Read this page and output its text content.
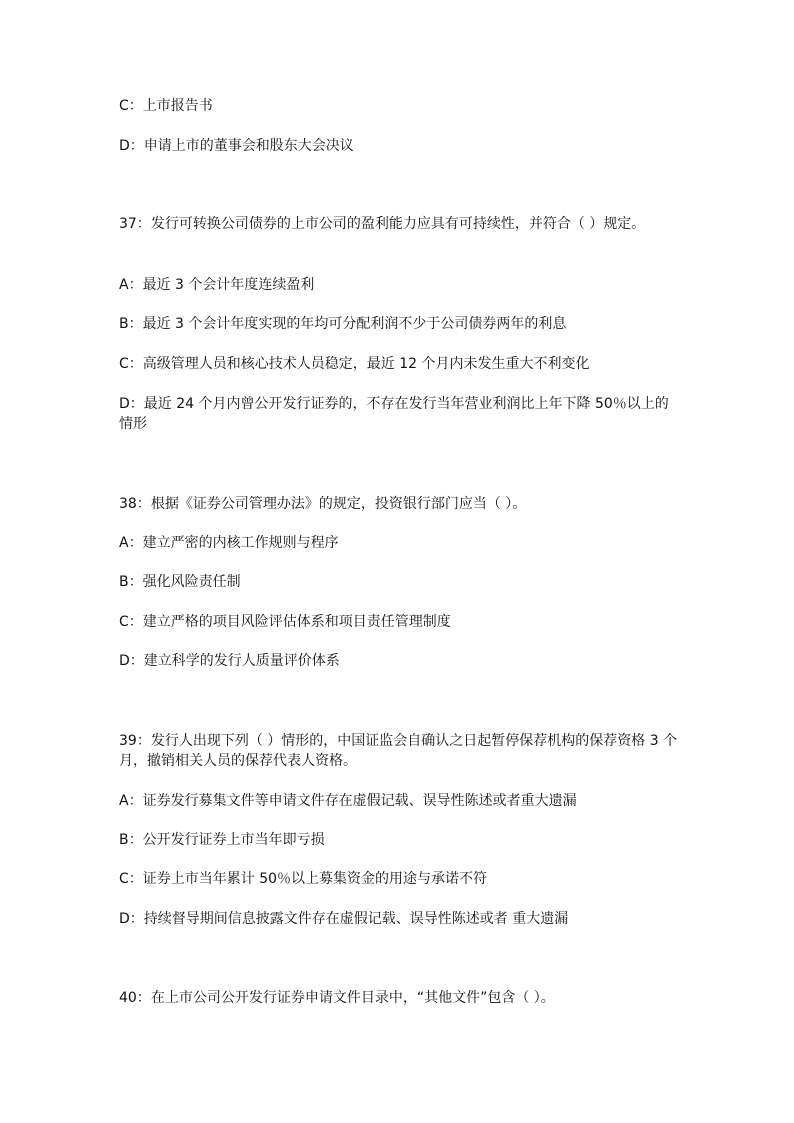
C：上市报告书
D：申请上市的董事会和股东大会决议
37：发行可转换公司债券的上市公司的盈利能力应具有可持续性，并符合（ ）规定。
A：最近 3 个会计年度连续盈利
B：最近 3 个会计年度实现的年均可分配利润不少于公司债券两年的利息
C：高级管理人员和核心技术人员稳定，最近 12 个月内未发生重大不利变化
D：最近 24 个月内曾公开发行证券的，不存在发行当年营业利润比上年下降 50％以上的情形
38：根据《证券公司管理办法》的规定，投资银行部门应当（ ）。
A：建立严密的内核工作规则与程序
B：强化风险责任制
C：建立严格的项目风险评估体系和项目责任管理制度
D：建立科学的发行人质量评价体系
39：发行人出现下列（ ）情形的，中国证监会自确认之日起暂停保荐机构的保荐资格 3 个月，撤销相关人员的保荐代表人资格。
A：证券发行募集文件等申请文件存在虚假记载、误导性陈述或者重大遗漏
B：公开发行证券上市当年即亏损
C：证券上市当年累计 50％以上募集资金的用途与承诺不符
D：持续督导期间信息披露文件存在虚假记载、误导性陈述或者 重大遗漏
40：在上市公司公开发行证券申请文件目录中，“其他文件”包含（ ）。
